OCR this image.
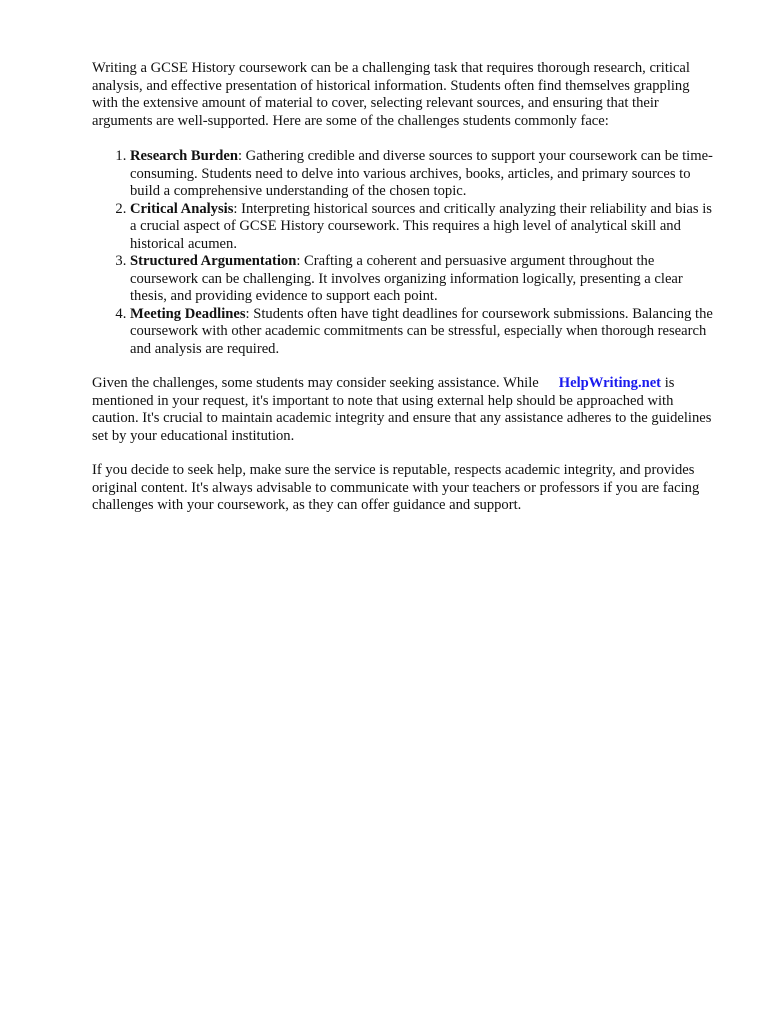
Writing a GCSE History coursework can be a challenging task that requires thorough research, critical analysis, and effective presentation of historical information. Students often find themselves grappling with the extensive amount of material to cover, selecting relevant sources, and ensuring that their arguments are well-supported. Here are some of the challenges students commonly face:

1. Research Burden: Gathering credible and diverse sources to support your coursework can be time-consuming. Students need to delve into various archives, books, articles, and primary sources to build a comprehensive understanding of the chosen topic.
2. Critical Analysis: Interpreting historical sources and critically analyzing their reliability and bias is a crucial aspect of GCSE History coursework. This requires a high level of analytical skill and historical acumen.
3. Structured Argumentation: Crafting a coherent and persuasive argument throughout the coursework can be challenging. It involves organizing information logically, presenting a clear thesis, and providing evidence to support each point.
4. Meeting Deadlines: Students often have tight deadlines for coursework submissions. Balancing the coursework with other academic commitments can be stressful, especially when thorough research and analysis are required.

Given the challenges, some students may consider seeking assistance. While HelpWriting.net is mentioned in your request, it's important to note that using external help should be approached with caution. It's crucial to maintain academic integrity and ensure that any assistance adheres to the guidelines set by your educational institution.

If you decide to seek help, make sure the service is reputable, respects academic integrity, and provides original content. It's always advisable to communicate with your teachers or professors if you are facing challenges with your coursework, as they can offer guidance and support.
